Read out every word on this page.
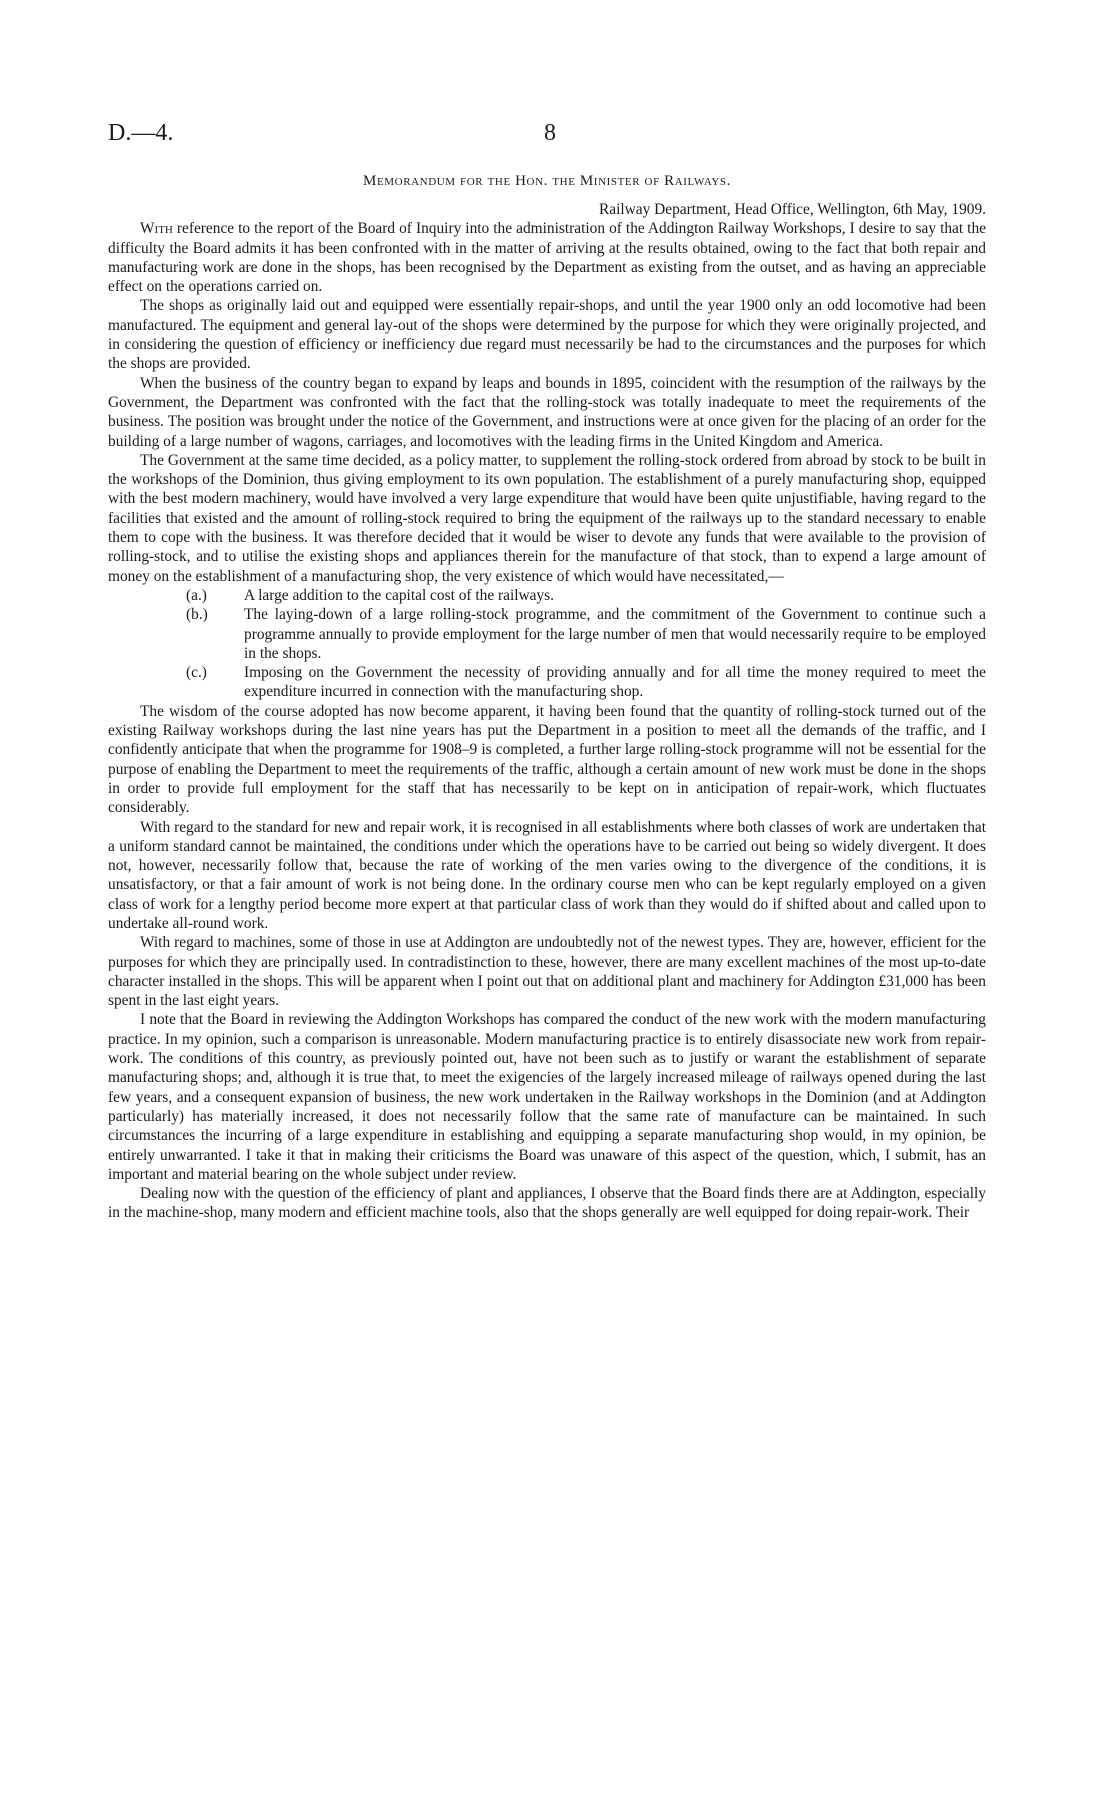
D.—4.	8
Memorandum for the Hon. the Minister of Railways.
Railway Department, Head Office, Wellington, 6th May, 1909.

With reference to the report of the Board of Inquiry into the administration of the Addington Railway Workshops, I desire to say that the difficulty the Board admits it has been confronted with in the matter of arriving at the results obtained, owing to the fact that both repair and manufacturing work are done in the shops, has been recognised by the Department as existing from the outset, and as having an appreciable effect on the operations carried on.

The shops as originally laid out and equipped were essentially repair-shops, and until the year 1900 only an odd locomotive had been manufactured. The equipment and general lay-out of the shops were determined by the purpose for which they were originally projected, and in considering the question of efficiency or inefficiency due regard must necessarily be had to the circumstances and the purposes for which the shops are provided.

When the business of the country began to expand by leaps and bounds in 1895, coincident with the resumption of the railways by the Government, the Department was confronted with the fact that the rolling-stock was totally inadequate to meet the requirements of the business. The position was brought under the notice of the Government, and instructions were at once given for the placing of an order for the building of a large number of wagons, carriages, and locomotives with the leading firms in the United Kingdom and America.

The Government at the same time decided, as a policy matter, to supplement the rolling-stock ordered from abroad by stock to be built in the workshops of the Dominion, thus giving employment to its own population. The establishment of a purely manufacturing shop, equipped with the best modern machinery, would have involved a very large expenditure that would have been quite unjustifiable, having regard to the facilities that existed and the amount of rolling-stock required to bring the equipment of the railways up to the standard necessary to enable them to cope with the business. It was therefore decided that it would be wiser to devote any funds that were available to the provision of rolling-stock, and to utilise the existing shops and appliances therein for the manufacture of that stock, than to expend a large amount of money on the establishment of a manufacturing shop, the very existence of which would have necessitated,—

(a.) A large addition to the capital cost of the railways.
(b.) The laying-down of a large rolling-stock programme, and the commitment of the Government to continue such a programme annually to provide employment for the large number of men that would necessarily require to be employed in the shops.
(c.) Imposing on the Government the necessity of providing annually and for all time the money required to meet the expenditure incurred in connection with the manufacturing shop.

The wisdom of the course adopted has now become apparent, it having been found that the quantity of rolling-stock turned out of the existing Railway workshops during the last nine years has put the Department in a position to meet all the demands of the traffic, and I confidently anticipate that when the programme for 1908–9 is completed, a further large rolling-stock programme will not be essential for the purpose of enabling the Department to meet the requirements of the traffic, although a certain amount of new work must be done in the shops in order to provide full employment for the staff that has necessarily to be kept on in anticipation of repair-work, which fluctuates considerably.

With regard to the standard for new and repair work, it is recognised in all establishments where both classes of work are undertaken that a uniform standard cannot be maintained, the conditions under which the operations have to be carried out being so widely divergent. It does not, however, necessarily follow that, because the rate of working of the men varies owing to the divergence of the conditions, it is unsatisfactory, or that a fair amount of work is not being done. In the ordinary course men who can be kept regularly employed on a given class of work for a lengthy period become more expert at that particular class of work than they would do if shifted about and called upon to undertake all-round work.

With regard to machines, some of those in use at Addington are undoubtedly not of the newest types. They are, however, efficient for the purposes for which they are principally used. In contradistinction to these, however, there are many excellent machines of the most up-to-date character installed in the shops. This will be apparent when I point out that on additional plant and machinery for Addington £31,000 has been spent in the last eight years.

I note that the Board in reviewing the Addington Workshops has compared the conduct of the new work with the modern manufacturing practice. In my opinion, such a comparison is unreasonable. Modern manufacturing practice is to entirely disassociate new work from repair-work. The conditions of this country, as previously pointed out, have not been such as to justify or warant the establishment of separate manufacturing shops; and, although it is true that, to meet the exigencies of the largely increased mileage of railways opened during the last few years, and a consequent expansion of business, the new work undertaken in the Railway workshops in the Dominion (and at Addington particularly) has materially increased, it does not necessarily follow that the same rate of manufacture can be maintained. In such circumstances the incurring of a large expenditure in establishing and equipping a separate manufacturing shop would, in my opinion, be entirely unwarranted. I take it that in making their criticisms the Board was unaware of this aspect of the question, which, I submit, has an important and material bearing on the whole subject under review.

Dealing now with the question of the efficiency of plant and appliances, I observe that the Board finds there are at Addington, especially in the machine-shop, many modern and efficient machine tools, also that the shops generally are well equipped for doing repair-work. Their
